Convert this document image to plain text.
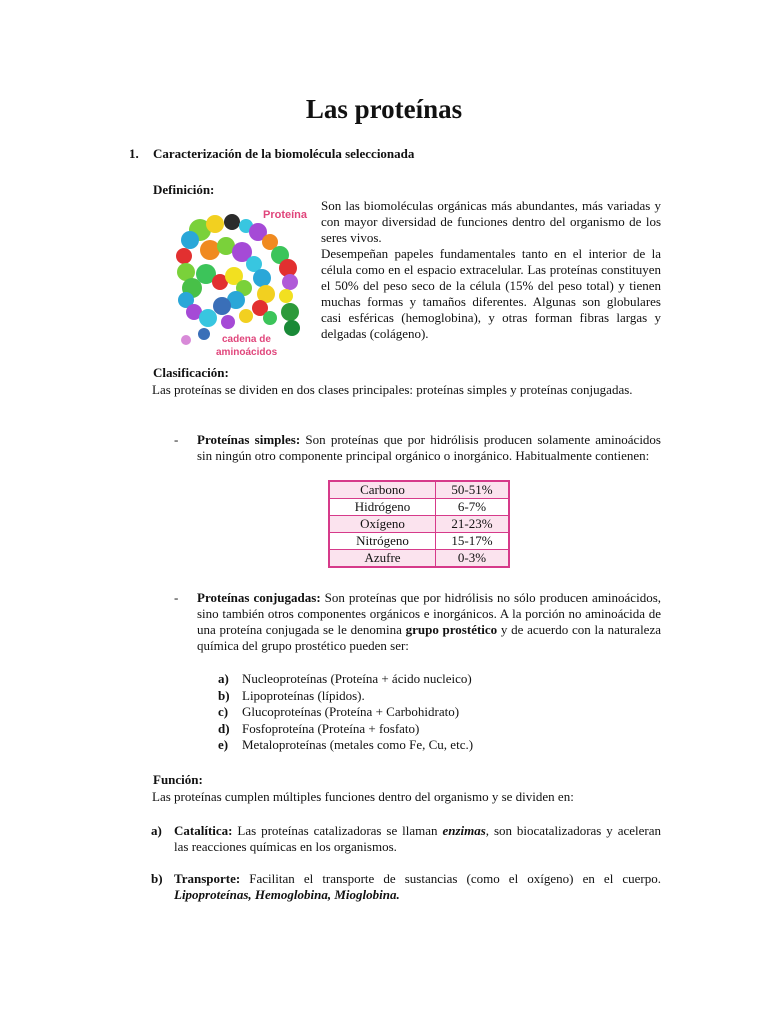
Las proteínas
1. Caracterización de la biomolécula seleccionada
Definición:
Proteína
cadena de
aminoácidos

Son las biomoléculas orgánicas más abundantes, más variadas y con mayor diversidad de funciones dentro del organismo de los seres vivos.

Desempeñan papeles fundamentales tanto en el interior de la célula como en el espacio extracelular. Las proteínas constituyen el 50% del peso seco de la célula (15% del peso total) y tienen muchas formas y tamaños diferentes. Algunas son globulares casi esféricas (hemoglobina), y otras forman fibras largas y delgadas (colágeno).

Clasificación:
Las proteínas se dividen en dos clases principales: proteínas simples y proteínas conjugadas.
- Proteínas simples: Son proteínas que por hidrólisis producen solamente aminoácidos sin ningún otro componente principal orgánico o inorgánico. Habitualmente contienen:
Carbono	50-51%
Hidrógeno	6-7%
Oxígeno	21-23%
Nitrógeno	15-17%
Azufre	0-3%
- Proteínas conjugadas: Son proteínas que por hidrólisis no sólo producen aminoácidos, sino también otros componentes orgánicos e inorgánicos. A la porción no aminoácida de una proteína conjugada se le denomina grupo prostético y de acuerdo con la naturaleza química del grupo prostético pueden ser:
a) Nucleoproteínas (Proteína + ácido nucleico)
b) Lipoproteínas (lípidos).
c) Glucoproteínas (Proteína + Carbohidrato)
d) Fosfoproteína (Proteína + fosfato)
e) Metaloproteínas (metales como Fe, Cu, etc.)
Función:
Las proteínas cumplen múltiples funciones dentro del organismo y se dividen en:
a) Catalítica: Las proteínas catalizadoras se llaman enzimas, son biocatalizadoras y aceleran las reacciones químicas en los organismos.
b) Transporte: Facilitan el transporte de sustancias (como el oxígeno) en el cuerpo. Lipoproteínas, Hemoglobina, Mioglobina.
